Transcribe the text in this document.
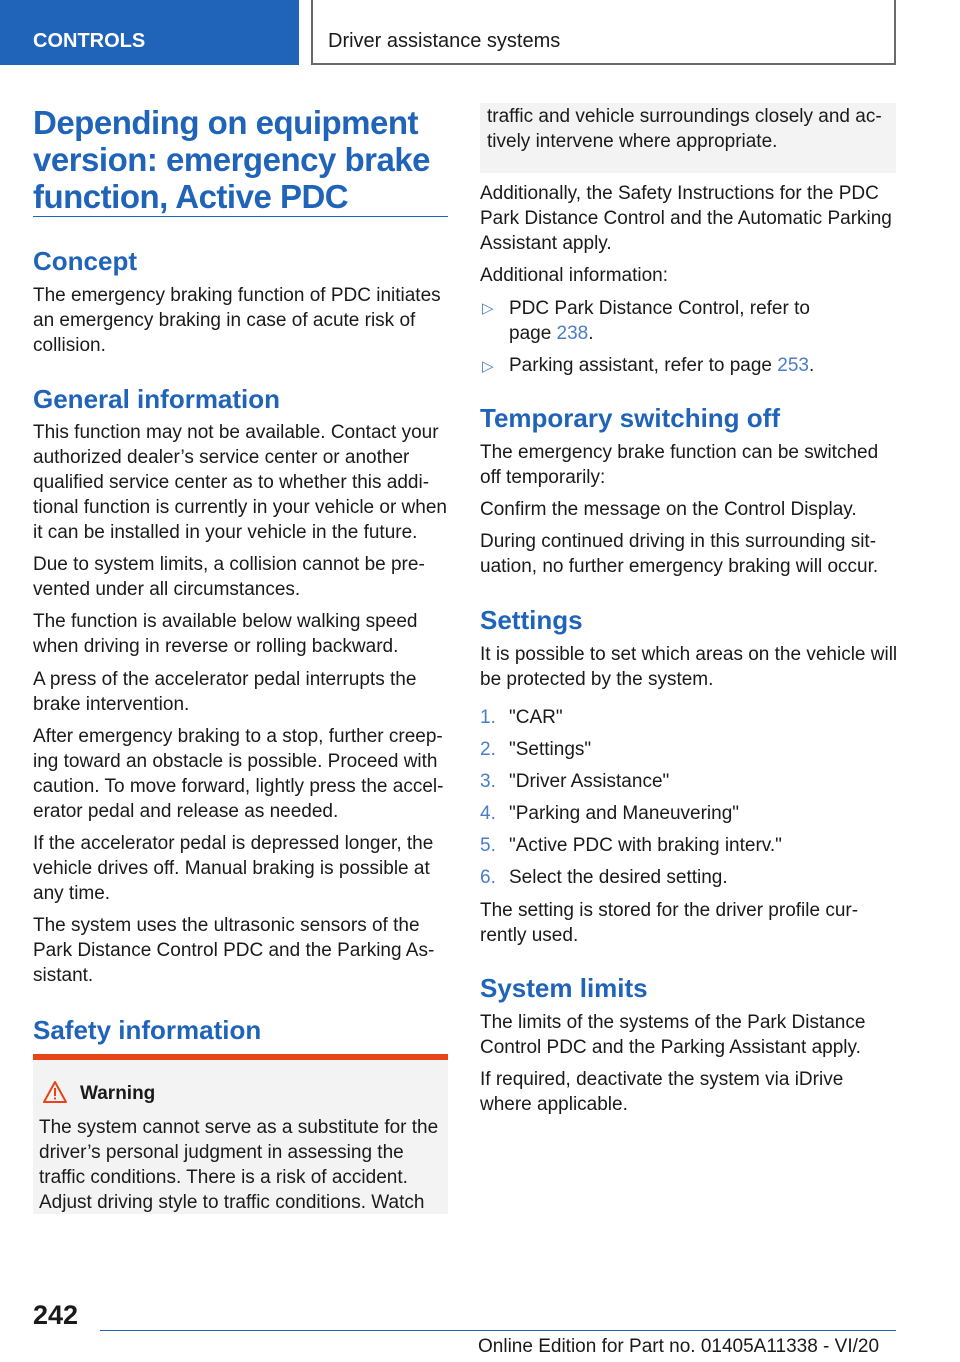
CONTROLS	Driver assistance systems
Depending on equipment version: emergency brake function, Active PDC
Concept
The emergency braking function of PDC initiates
an emergency braking in case of acute risk of
collision.
General information
This function may not be available. Contact your
authorized dealer’s service center or another
qualified service center as to whether this addi‐
tional function is currently in your vehicle or when
it can be installed in your vehicle in the future.
Due to system limits, a collision cannot be pre‐
vented under all circumstances.
The function is available below walking speed
when driving in reverse or rolling backward.
A press of the accelerator pedal interrupts the
brake intervention.
After emergency braking to a stop, further creep‐
ing toward an obstacle is possible. Proceed with
caution. To move forward, lightly press the accel‐
erator pedal and release as needed.
If the accelerator pedal is depressed longer, the
vehicle drives off. Manual braking is possible at
any time.
The system uses the ultrasonic sensors of the
Park Distance Control PDC and the Parking As‐
sistant.
Safety information
Warning
The system cannot serve as a substitute for the
driver’s personal judgment in assessing the
traffic conditions. There is a risk of accident.
Adjust driving style to traffic conditions. Watch
traffic and vehicle surroundings closely and ac‐
tively intervene where appropriate.
Additionally, the Safety Instructions for the PDC
Park Distance Control and the Automatic Parking
Assistant apply.
Additional information:
▷ PDC Park Distance Control, refer to
page 238.
▷ Parking assistant, refer to page 253.
Temporary switching off
The emergency brake function can be switched
off temporarily:
Confirm the message on the Control Display.
During continued driving in this surrounding sit‐
uation, no further emergency braking will occur.
Settings
It is possible to set which areas on the vehicle will
be protected by the system.
1. "CAR"
2. "Settings"
3. "Driver Assistance"
4. "Parking and Maneuvering"
5. "Active PDC with braking interv."
6. Select the desired setting.
The setting is stored for the driver profile cur‐
rently used.
System limits
The limits of the systems of the Park Distance
Control PDC and the Parking Assistant apply.
If required, deactivate the system via iDrive
where applicable.
242
Online Edition for Part no. 01405A11338 - VI/20
